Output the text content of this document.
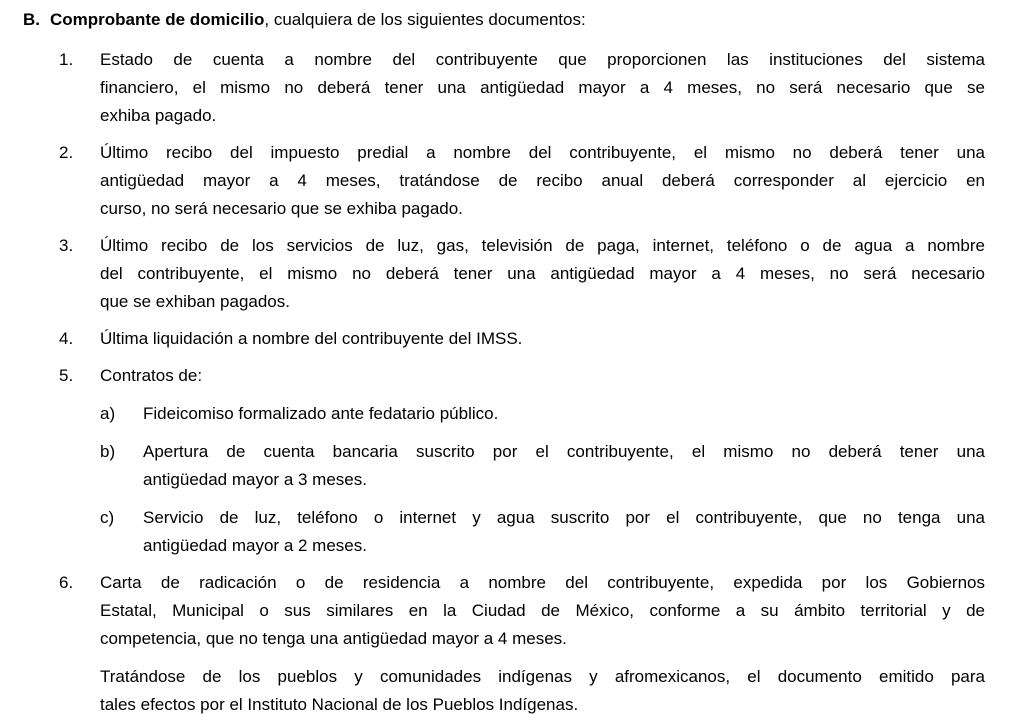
B. Comprobante de domicilio, cualquiera de los siguientes documentos:

1.	Estado de cuenta a nombre del contribuyente que proporcionen las instituciones del sistema
financiero, el mismo no deberá tener una antigüedad mayor a 4 meses, no será necesario que se
exhiba pagado.
2.	Último recibo del impuesto predial a nombre del contribuyente, el mismo no deberá tener una
antigüedad mayor a 4 meses, tratándose de recibo anual deberá corresponder al ejercicio en
curso, no será necesario que se exhiba pagado.
3.	Último recibo de los servicios de luz, gas, televisión de paga, internet, teléfono o de agua a nombre
del contribuyente, el mismo no deberá tener una antigüedad mayor a 4 meses, no será necesario
que se exhiban pagados.
4.	Última liquidación a nombre del contribuyente del IMSS.
5.	Contratos de:
a)	Fideicomiso formalizado ante fedatario público.
b)	Apertura de cuenta bancaria suscrito por el contribuyente, el mismo no deberá tener una
antigüedad mayor a 3 meses.
c)	Servicio de luz, teléfono o internet y agua suscrito por el contribuyente, que no tenga una
antigüedad mayor a 2 meses.
6.	Carta de radicación o de residencia a nombre del contribuyente, expedida por los Gobiernos
Estatal, Municipal o sus similares en la Ciudad de México, conforme a su ámbito territorial y de
competencia, que no tenga una antigüedad mayor a 4 meses.
Tratándose de los pueblos y comunidades indígenas y afromexicanos, el documento emitido para
tales efectos por el Instituto Nacional de los Pueblos Indígenas.
